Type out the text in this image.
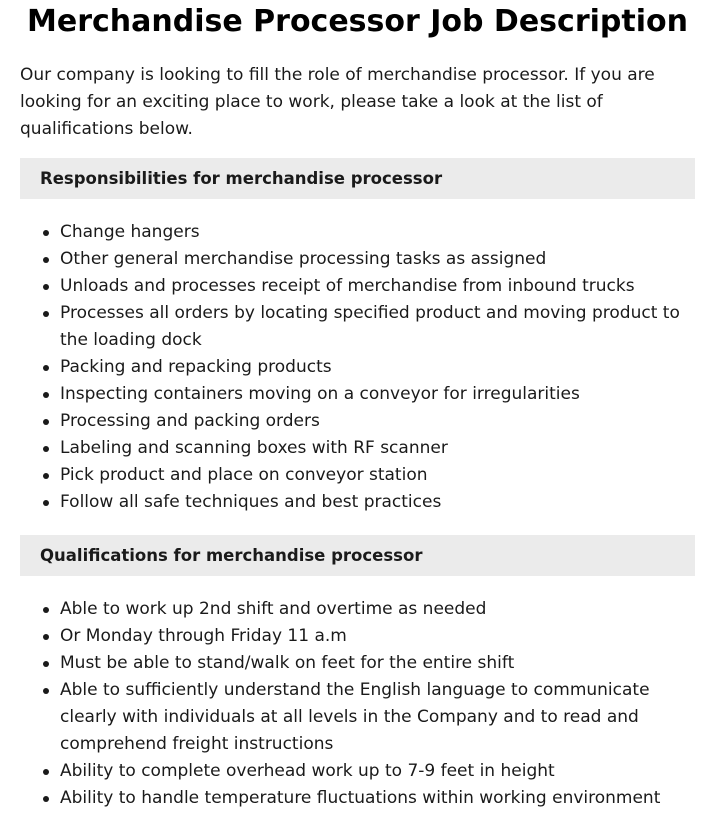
Merchandise Processor Job Description

Our company is looking to fill the role of merchandise processor. If you are looking for an exciting place to work, please take a look at the list of qualifications below.

Responsibilities for merchandise processor
Change hangers
Other general merchandise processing tasks as assigned
Unloads and processes receipt of merchandise from inbound trucks
Processes all orders by locating specified product and moving product to the loading dock
Packing and repacking products
Inspecting containers moving on a conveyor for irregularities
Processing and packing orders
Labeling and scanning boxes with RF scanner
Pick product and place on conveyor station
Follow all safe techniques and best practices
Qualifications for merchandise processor
Able to work up 2nd shift and overtime as needed
Or Monday through Friday 11 a.m
Must be able to stand/walk on feet for the entire shift
Able to sufficiently understand the English language to communicate clearly with individuals at all levels in the Company and to read and comprehend freight instructions
Ability to complete overhead work up to 7-9 feet in height
Ability to handle temperature fluctuations within working environment
